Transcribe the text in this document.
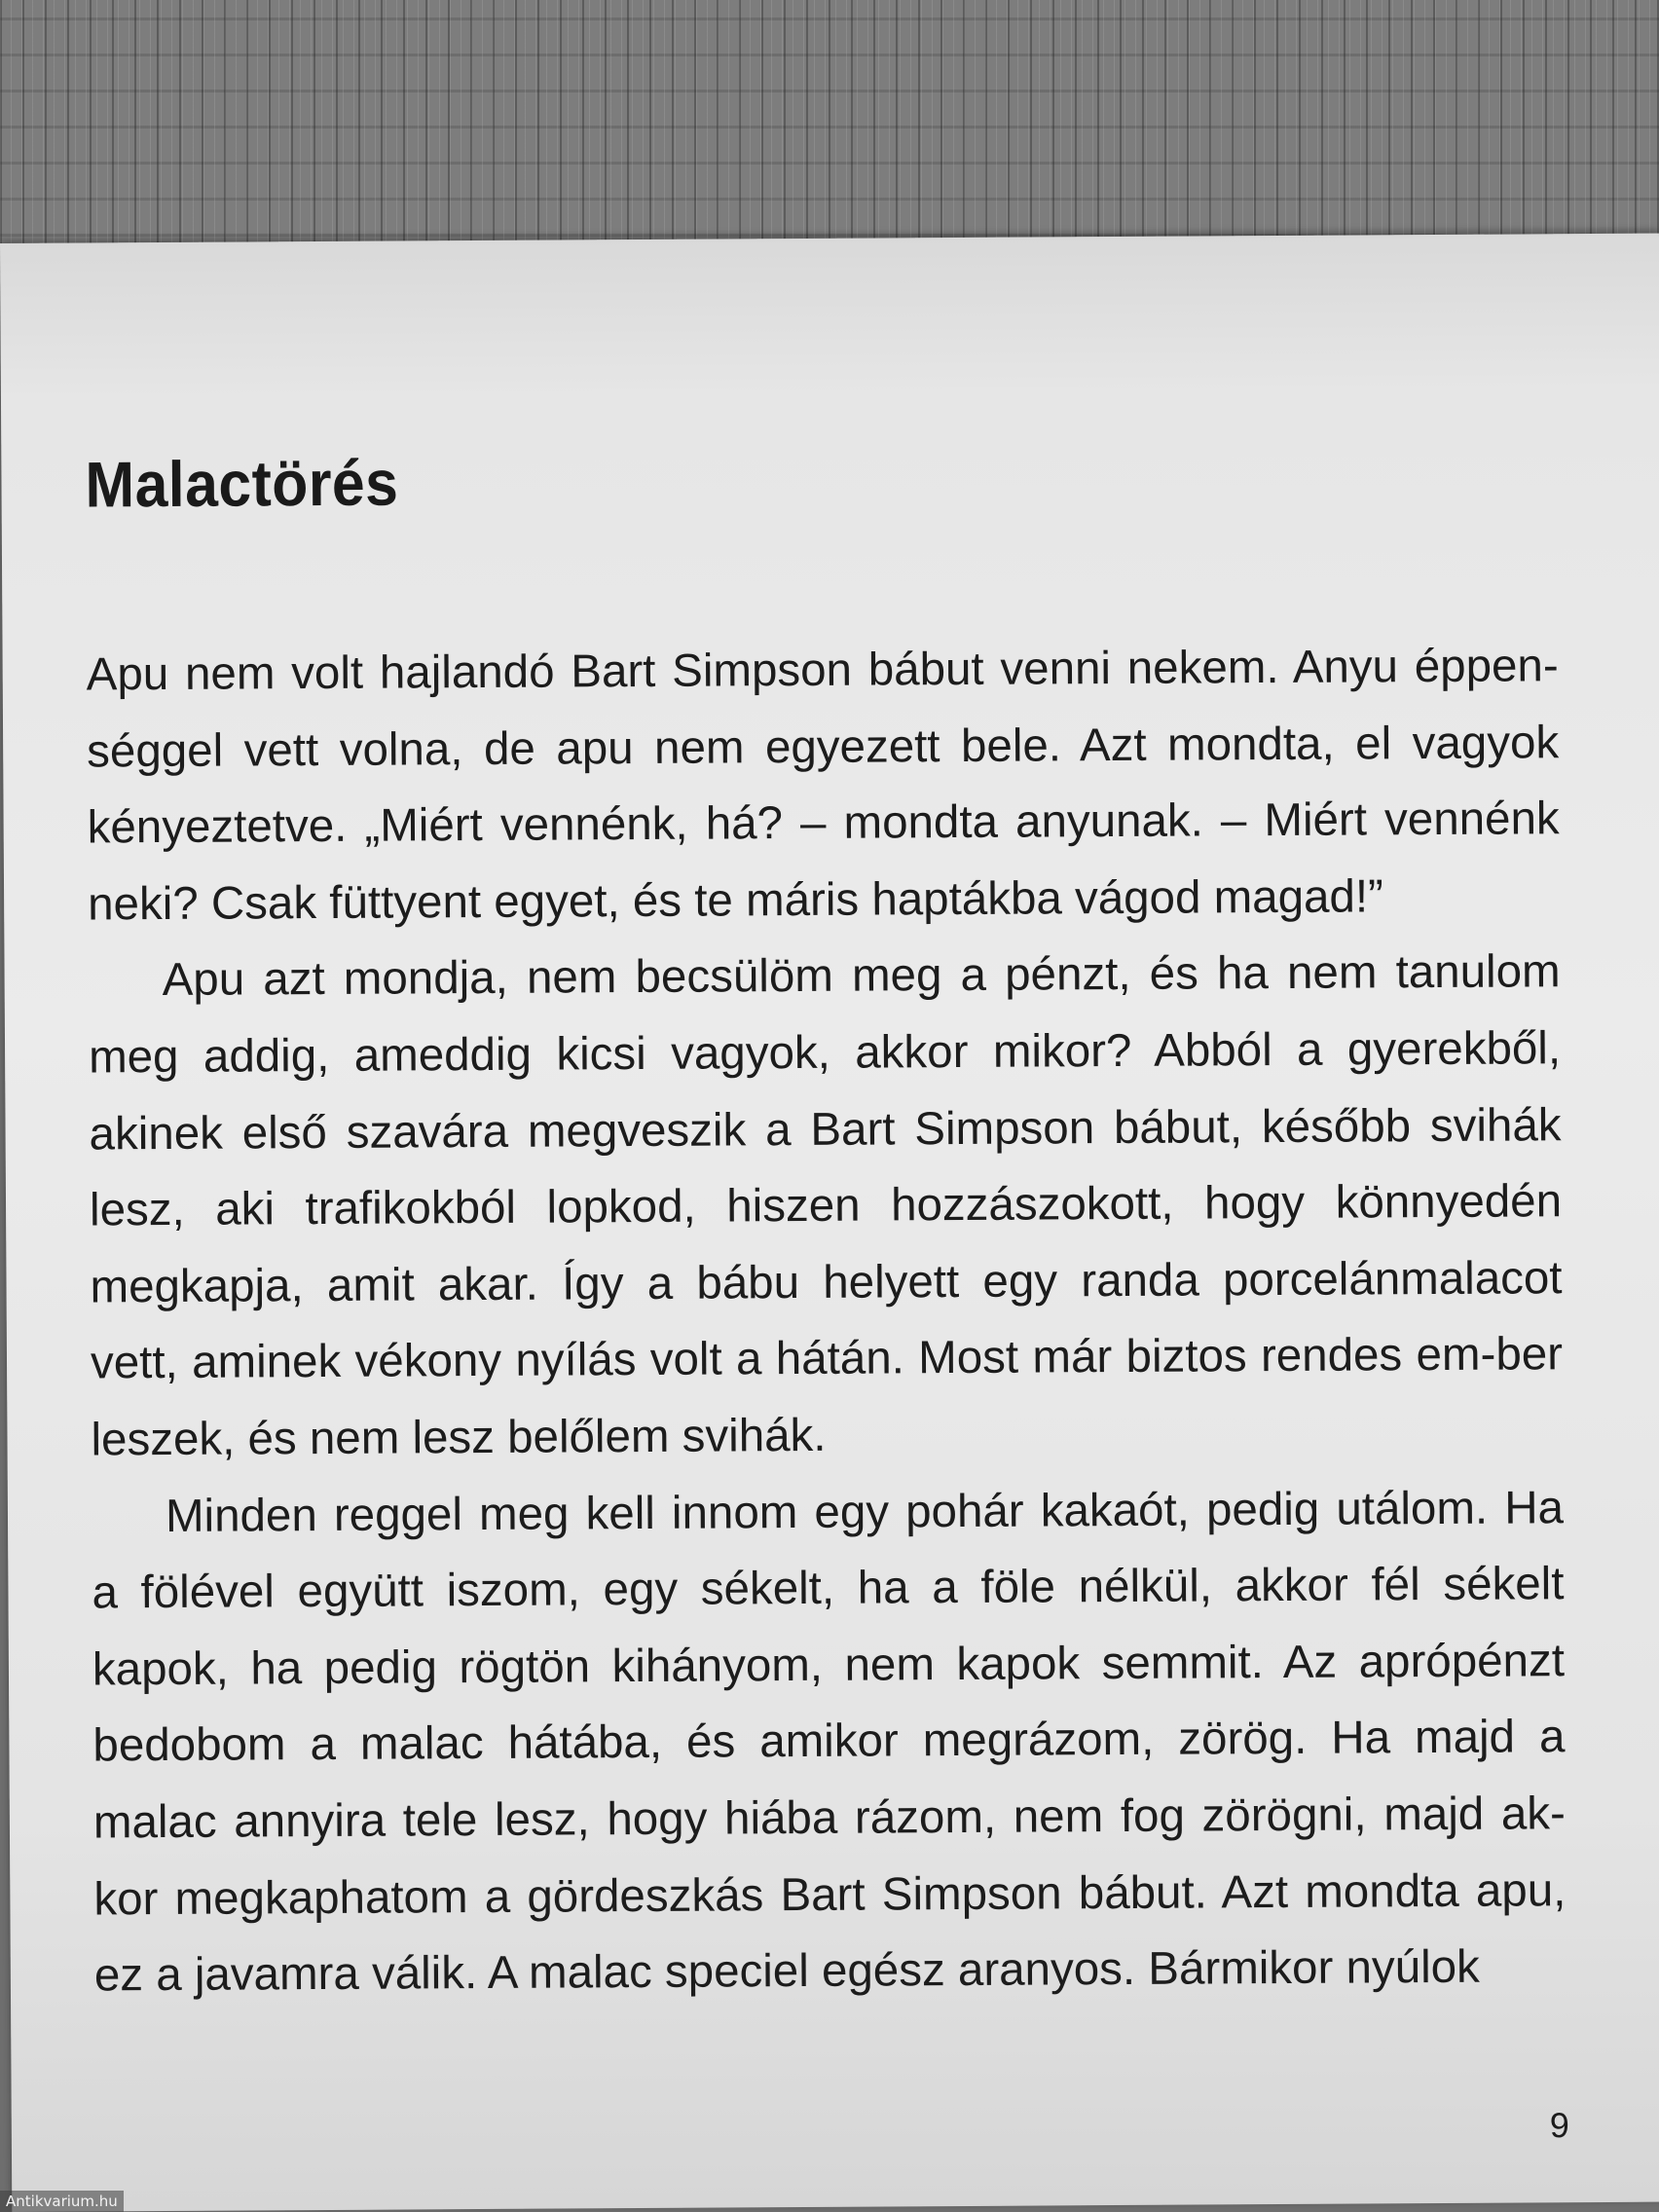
Malactörés

Apu nem volt hajlandó Bart Simpson bábut venni nekem. Anyu éppen-séggel vett volna, de apu nem egyezett bele. Azt mondta, el vagyok kényeztetve. „Miért vennénk, há? – mondta anyunak. – Miért vennénk neki? Csak füttyent egyet, és te máris haptákba vágod magad!”

Apu azt mondja, nem becsülöm meg a pénzt, és ha nem tanulom meg addig, ameddig kicsi vagyok, akkor mikor? Abból a gyerekből, akinek első szavára megveszik a Bart Simpson bábut, később svihák lesz, aki trafikokból lopkod, hiszen hozzászokott, hogy könnyedén megkapja, amit akar. Így a bábu helyett egy randa porcelánmalacot vett, aminek vékony nyílás volt a hátán. Most már biztos rendes em-ber leszek, és nem lesz belőlem svihák.

Minden reggel meg kell innom egy pohár kakaót, pedig utálom. Ha a fölével együtt iszom, egy sékelt, ha a föle nélkül, akkor fél sékelt kapok, ha pedig rögtön kihányom, nem kapok semmit. Az aprópénzt bedobom a malac hátába, és amikor megrázom, zörög. Ha majd a malac annyira tele lesz, hogy hiába rázom, nem fog zörögni, majd ak-kor megkaphatom a gördeszkás Bart Simpson bábut. Azt mondta apu, ez a javamra válik. A malac speciel egész aranyos. Bármikor nyúlok

9
Antikvarium.hu
